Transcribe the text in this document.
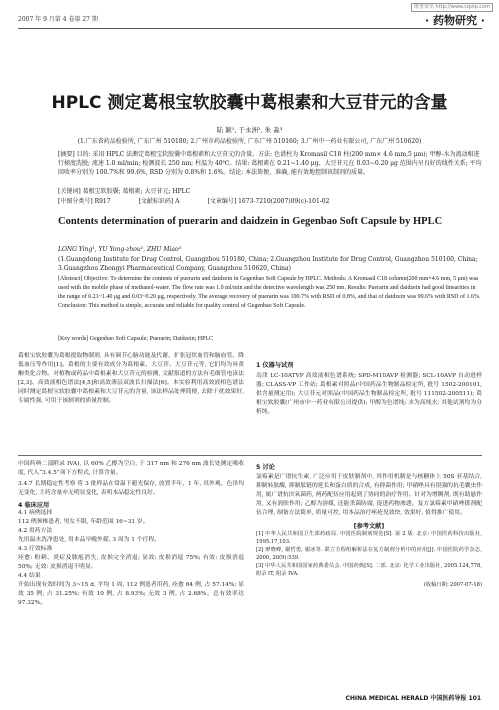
维普资讯 http://www.cqvip.com
2007 年 9 月第 4 卷第 27 期	· 药物研究 ·
HPLC 测定葛根宝软胶囊中葛根素和大豆苷元的含量
陆 颖¹, 于永洲², 朱 淼³
(1.广东省药品检验所, 广东广州 510180; 2.广州市药品检验所, 广东广州 510160; 3.广州中一药业有限公司, 广东广州 510620)
[摘要] 目的: 采用 HPLC 法测定葛根宝软胶囊中葛根素和大豆苷元的含量。方法: 色谱柱为 Kromasil C18 柱(200 mm× 4.6 mm,5 μm); 甲醇-水为流动相进行梯度洗脱; 流速 1.0 ml/min; 检测波长 250 nm; 柱温为 40℃。结果: 葛根素在 0.21~1.40 μg、大豆苷元在 0.03~0.20 μg 范围内呈良好的线性关系; 平均回收率分别为 100.7%和 99.6%, RSD 分别为 0.8%和 1.6%。结论: 本法简便、准确, 能有效地控制该制剂的质量。
[关键词] 葛根宝软胶囊; 葛根素; 大豆苷元; HPLC
[中图分类号] R917	[文献标识码] A	[文章编号] 1673-7210(2007)09(c)-101-02
Contents determination of puerarin and daidzein in Gegenbao Soft Capsule by HPLC
LONG Ying¹, YU Yong-zhou², ZHU Miao³
(1.Guangdong Institute for Drug Control, Guangzhou 510180, China; 2.Guangzhou Institute for Drug Control, Guangzhou 510160, China; 3.Guangzhou Zhongyi Pharmaceutical Company, Guangzhou 510620, China)
[Abstract] Objective: To determine the contents of puerarin and daidzein in Gegenbao Soft Capsule by HPLC. Methods: A Kromasil C18 column(200 mm×4.6 mm, 5 μm) was used with the mobile phase of methanol-water. The flow rate was 1.0 ml/min and the detective wavelength was 250 nm. Results: Puerarin and daidzein had good linearities in the range of 0.21~1.40 μg and 0.03~0.20 μg, respectively. The average recovery of puerarin was 100.7% with RSD of 0.8%, and that of daidzein was 99.6% with RSD of 1.6%. Conclusion: This method is simple, accurate and reliable for quality control of Gegenbao Soft Capsule.
[Key words] Gegenbao Soft Capsule; Puerarin; Daidzein; HPLC
葛根宝软胶囊为葛根提取物制剂, 具有调节心脑功能及代谢、扩张冠状血管和脑血管、降低血压等作用[1]。葛根的主要有效成分为葛根素、大豆苷、大豆苷元等, 它们均为异黄酮类化合物。对植物或药品中葛根素和大豆苷元的检测, 文献报道的方法有毛细管电泳法[2,3]、高效液相色谱法[4,5]和高效薄层双波长扫描法[6]。本实验利用高效液相色谱法同时测定葛根宝软胶囊中葛根素和大豆苷元的含量, 该法样品处理简便, 去除干扰效果好, 专属性强, 可用于该制剂的质量控制。
1 仪器与试剂
岛津 LC-10ATVP 高效液相色谱系统; SPD-M10AVP 检测器; SCL-10AVP 自动进样器; CLASS-VP 工作站; 葛根素对照品(中国药品生物制品检定所, 批号 1502-200101, 供含量测定用); 大豆苷元对照品(中国药品生物制品检定所, 批号 111502-200511); 葛根宝软胶囊(广州市中一药业有限公司提供); 甲醇为色谱纯; 水为高纯水; 其他试剂均为分析纯。
中国药典二部附录 IVA), 以 60% 乙醇为空白, 于 317 nm 和 276 nm 波长处测定吸收度, 代入“3.4.5”项下方程式, 计算含量。
3.4.7 长期稳定性考察 将 3 批样品在常温下避光保存, 放置半年、1 年, 其外观、色泽均无变化, 主药含量亦无明显变化, 表明本品稳定性良好。
4 临床应用
4.1 病例选择
112 例颈椎患者, 男女不限, 年龄范围 16~31 岁。
4.2 用药方法
先用温水洗净患处, 用本品早晚外搽, 3 周为 1 个疗程。
4.3 疗效标准
痊愈: 粉刺、炎症及脓疱消失, 皮损完全消退; 显效: 皮损消退 75%; 有效: 皮损消退 50%; 无效: 皮损消退不明显。
4.4 结果
开始出现有效时间为 3~15 d, 平均 1 周, 112 例患者用药, 痊愈 64 例, 占 57.14%; 显效 35 例, 占 31.25%; 有效 10 例, 占 8.93%; 无效 3 例, 占 2.68%。总有效率达 97.32%。
5 讨论
氯霉素是广谱抗生素, 广泛应用于皮肤制剂中, 其作用机制是与核糖体上 50S 亚基结合, 抑制转肽酶, 抑制肽链的延长和蛋白质的合成, 有抑菌作用; 甲硝唑具有很强的抗毛囊虫作用, 属广谱抗厌氧菌药, 两药配伍应用起到了协同的治疗作用。针对为增稠剂, 既有助悬作用, 又有润肤作用; 乙醇为溶媒, 还能杀菌防腐, 促进药物渗透。复方氯霉素甲硝唑搽剂配伍合理, 制备方法简单, 质量可控, 用本品治疗痤疮见效快, 效果好, 值得推广使用。
[参考文献]
[1] 中华人民共和国卫生部药政局. 中国医院制剂规范[S]. 第 2 版. 北京: 中国医药科技出版社, 1995.17,103.
[2] 廖晓峰, 谢哲勇, 谢冰等. 联立方程组解析法在复方制剂分析中的应用[J]. 中国医院药学杂志, 2000, 20(9):539.
[3] 中华人民共和国国家药典委员会. 中国药典[S]. 二部. 北京: 化学工业出版社, 2005.124,778, 附录 IT, 附录 IVA.
(收稿日期: 2007-07-18)
CHINA MEDICAL HERALD 中国医药导报 101
